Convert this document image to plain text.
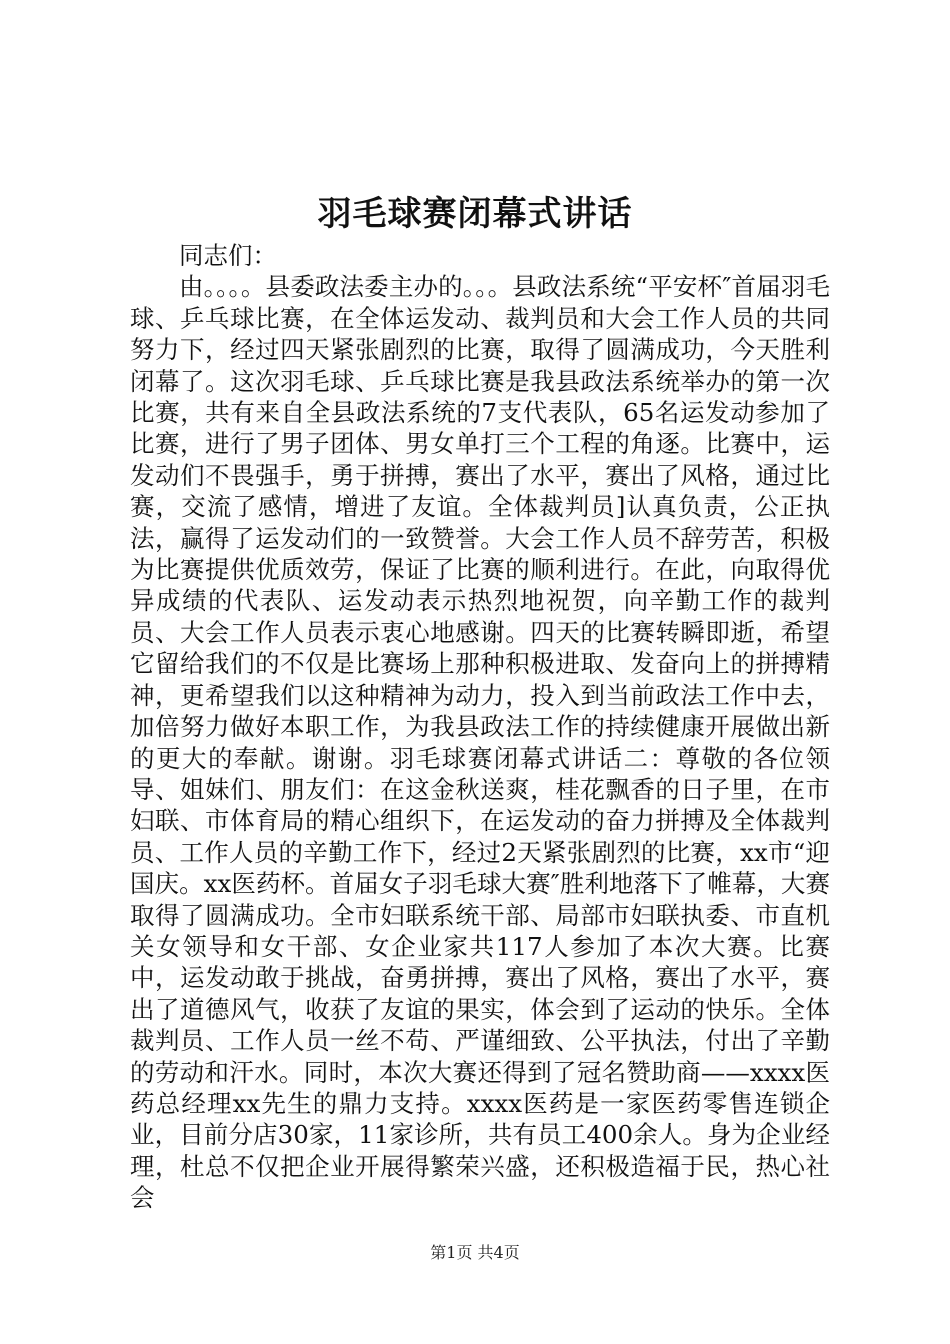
羽毛球赛闭幕式讲话

同志们：

由。。。。县委政法委主办的。。。县政法系统“平安杯″首届羽毛球、乒乓球比赛，在全体运发动、裁判员和大会工作人员的共同努力下，经过四天紧张剧烈的比赛，取得了圆满成功，今天胜利闭幕了。这次羽毛球、乒乓球比赛是我县政法系统举办的第一次比赛，共有来自全县政法系统的7支代表队，65名运发动参加了比赛，进行了男子团体、男女单打三个工程的角逐。比赛中，运发动们不畏强手，勇于拼搏，赛出了水平，赛出了风格，通过比赛，交流了感情，增进了友谊。全体裁判员]认真负责，公正执法，赢得了运发动们的一致赞誉。大会工作人员不辞劳苦，积极为比赛提供优质效劳，保证了比赛的顺利进行。在此，向取得优异成绩的代表队、运发动表示热烈地祝贺，向辛勤工作的裁判员、大会工作人员表示衷心地感谢。四天的比赛转瞬即逝，希望它留给我们的不仅是比赛场上那种积极进取、发奋向上的拼搏精神，更希望我们以这种精神为动力，投入到当前政法工作中去，加倍努力做好本职工作，为我县政法工作的持续健康开展做出新的更大的奉献。谢谢。羽毛球赛闭幕式讲话二：尊敬的各位领导、姐妹们、朋友们：在这金秋送爽，桂花飘香的日子里，在市妇联、市体育局的精心组织下，在运发动的奋力拼搏及全体裁判员、工作人员的辛勤工作下，经过2天紧张剧烈的比赛，xx市“迎国庆。xx医药杯。首届女子羽毛球大赛″胜利地落下了帷幕，大赛取得了圆满成功。全市妇联系统干部、局部市妇联执委、市直机关女领导和女干部、女企业家共117人参加了本次大赛。比赛中，运发动敢于挑战，奋勇拼搏，赛出了风格，赛出了水平，赛出了道德风气，收获了友谊的果实，体会到了运动的快乐。全体裁判员、工作人员一丝不苟、严谨细致、公平执法，付出了辛勤的劳动和汗水。同时，本次大赛还得到了冠名赞助商——xxxx医药总经理xx先生的鼎力支持。xxxx医药是一家医药零售连锁企业，目前分店30家，11家诊所，共有员工400余人。身为企业经理，杜总不仅把企业开展得繁荣兴盛，还积极造福于民，热心社会

第1页 共4页
